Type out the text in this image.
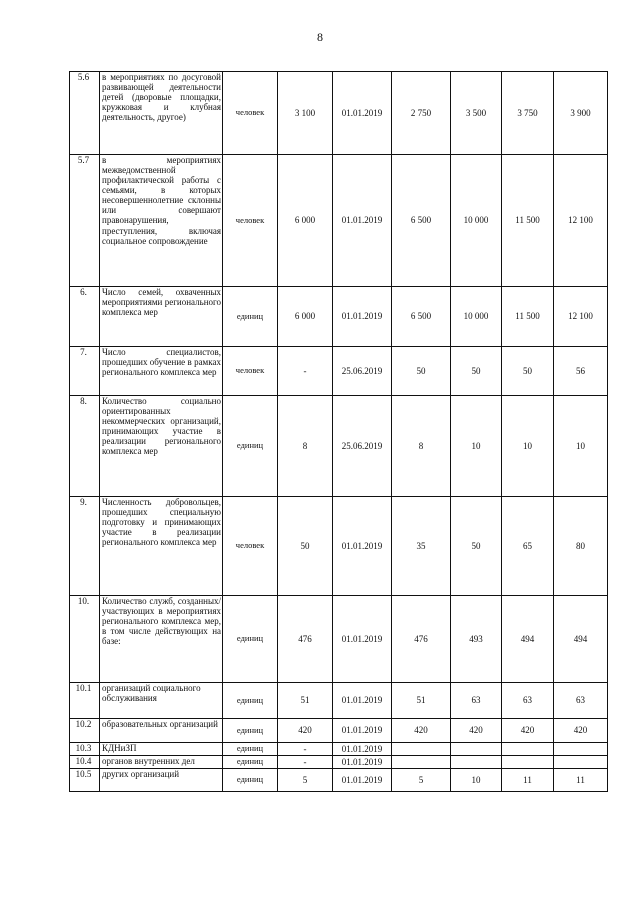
8
5.6	в мероприятиях по досуговой развивающей деятельности детей (дворовые площадки, кружковая и клубная деятельность, другое)	человек	3 100	01.01.2019	2 750	3 500	3 750	3 900
5.7	в мероприятиях межведомственной профилактической работы с семьями, в которых несовершеннолетние склонны или совершают правонарушения, преступления, включая социальное сопровождение	человек	6 000	01.01.2019	6 500	10 000	11 500	12 100
6.	Число семей, охваченных мероприятиями регионального комплекса мер	единиц	6 000	01.01.2019	6 500	10 000	11 500	12 100
7.	Число специалистов, прошедших обучение в рамках регионального комплекса мер	человек	-	25.06.2019	50	50	50	56
8.	Количество социально ориентированных некоммерческих организаций, принимающих участие в реализации регионального комплекса мер	единиц	8	25.06.2019	8	10	10	10
9.	Численность добровольцев, прошедших специальную подготовку и принимающих участие в реализации регионального комплекса мер	человек	50	01.01.2019	35	50	65	80
10.	Количество служб, созданных/участвующих в мероприятиях регионального комплекса мер, в том числе действующих на базе:	единиц	476	01.01.2019	476	493	494	494
10.1	организаций социального обслуживания	единиц	51	01.01.2019	51	63	63	63
10.2	образовательных организаций	единиц	420	01.01.2019	420	420	420	420
10.3	КДНиЗП	единиц	-	01.01.2019				
10.4	органов внутренних дел	единиц	-	01.01.2019				
10.5	других организаций	единиц	5	01.01.2019	5	10	11	11
